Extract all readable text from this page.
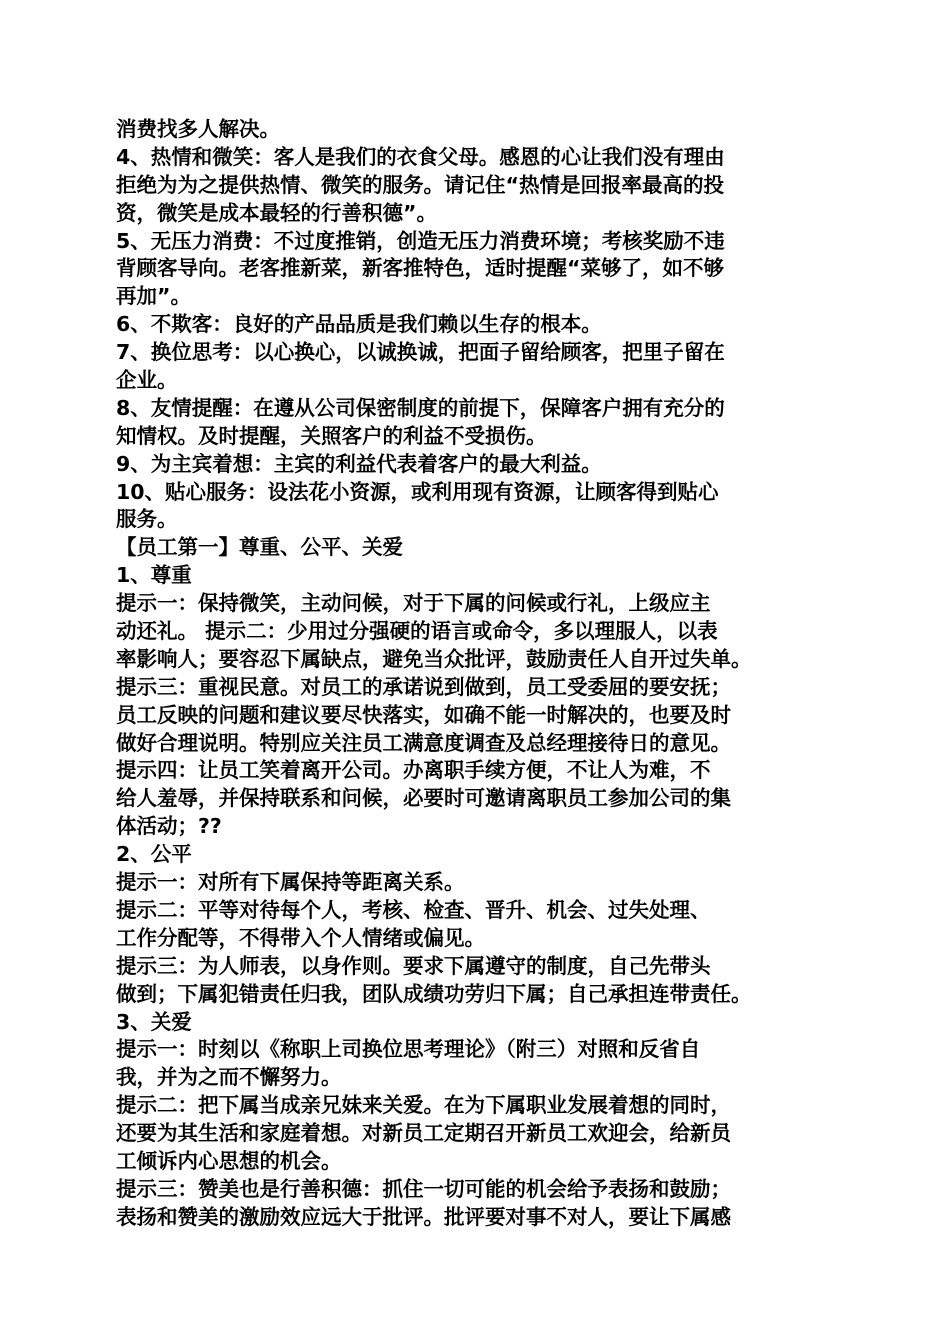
消费找多人解决。
4、热情和微笑：客人是我们的衣食父母。感恩的心让我们没有理由
拒绝为为之提供热情、微笑的服务。请记住“热情是回报率最高的投
资，微笑是成本最轻的行善积德”。
5、无压力消费：不过度推销，创造无压力消费环境；考核奖励不违
背顾客导向。老客推新菜，新客推特色，适时提醒“菜够了，如不够
再加”。
6、不欺客：良好的产品品质是我们赖以生存的根本。
7、换位思考：以心换心，以诚换诚，把面子留给顾客，把里子留在
企业。
8、友情提醒：在遵从公司保密制度的前提下，保障客户拥有充分的
知情权。及时提醒，关照客户的利益不受损伤。
9、为主宾着想：主宾的利益代表着客户的最大利益。
10、贴心服务：设法花小资源，或利用现有资源，让顾客得到贴心
服务。
【员工第一】尊重、公平、关爱
1、尊重
提示一：保持微笑，主动问候，对于下属的问候或行礼，上级应主
动还礼。 提示二：少用过分强硬的语言或命令，多以理服人，以表
率影响人；要容忍下属缺点，避免当众批评，鼓励责任人自开过失单。
提示三：重视民意。对员工的承诺说到做到，员工受委屈的要安抚；
员工反映的问题和建议要尽快落实，如确不能一时解决的，也要及时
做好合理说明。特别应关注员工满意度调查及总经理接待日的意见。
提示四：让员工笑着离开公司。办离职手续方便，不让人为难，不
给人羞辱，并保持联系和问候，必要时可邀请离职员工参加公司的集
体活动；??
2、公平
提示一：对所有下属保持等距离关系。
提示二：平等对待每个人，考核、检查、晋升、机会、过失处理、
工作分配等，不得带入个人情绪或偏见。
提示三：为人师表，以身作则。要求下属遵守的制度，自己先带头
做到；下属犯错责任归我，团队成绩功劳归下属；自己承担连带责任。
3、关爱
提示一：时刻以《称职上司换位思考理论》（附三）对照和反省自
我，并为之而不懈努力。
提示二：把下属当成亲兄妹来关爱。在为下属职业发展着想的同时，
还要为其生活和家庭着想。对新员工定期召开新员工欢迎会，给新员
工倾诉内心思想的机会。
提示三：赞美也是行善积德：抓住一切可能的机会给予表扬和鼓励；
表扬和赞美的激励效应远大于批评。批评要对事不对人，要让下属感
